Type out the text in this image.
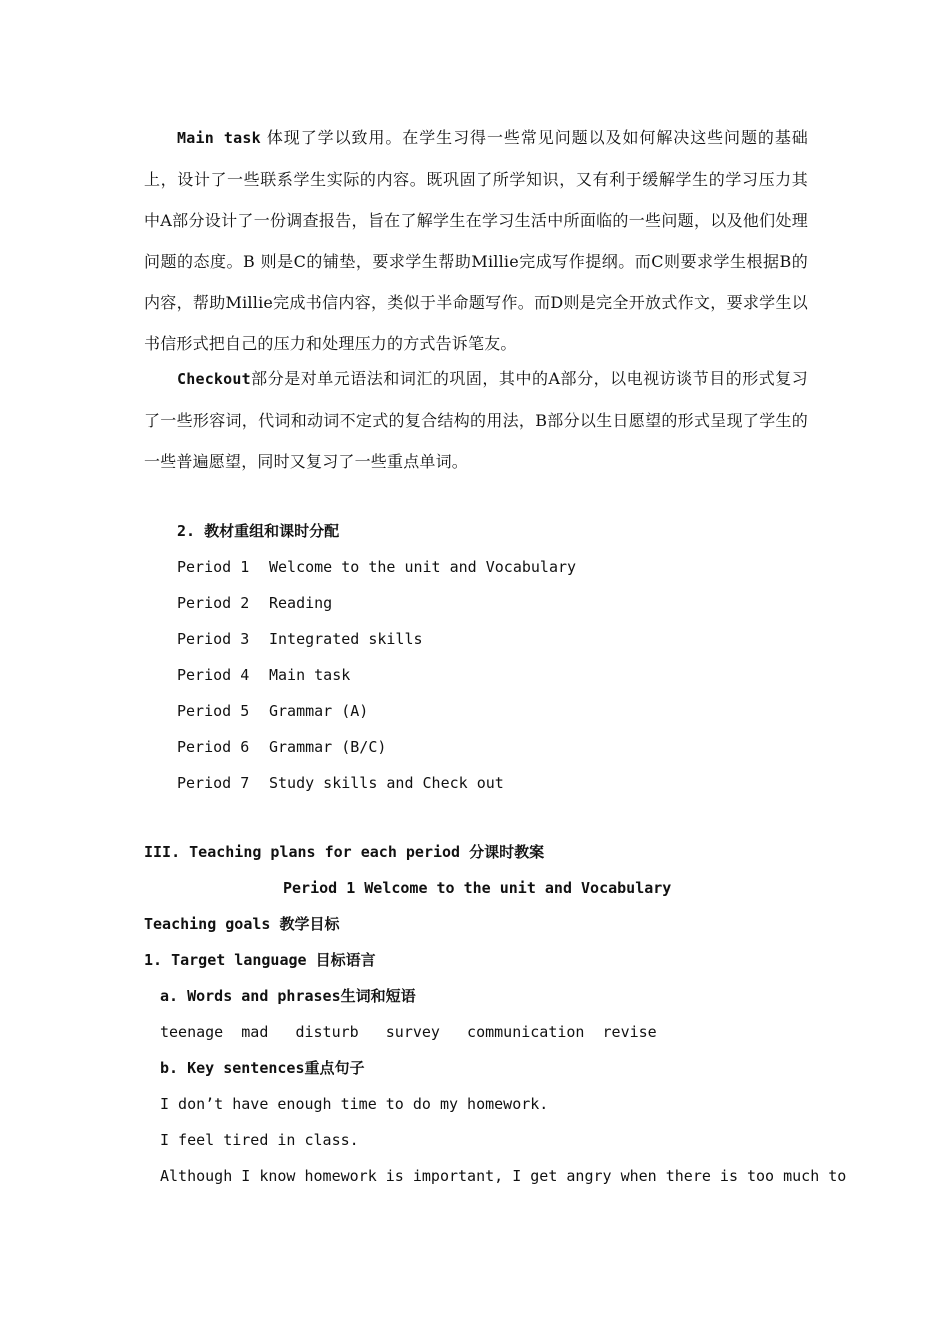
Main task 体现了学以致用。在学生习得一些常见问题以及如何解决这些问题的基础上，设计了一些联系学生实际的内容。既巩固了所学知识，又有利于缓解学生的学习压力其中A部分设计了一份调查报告，旨在了解学生在学习生活中所面临的一些问题，以及他们处理问题的态度。B 则是C的铺垫，要求学生帮助Millie完成写作提纲。而C则要求学生根据B的内容，帮助Millie完成书信内容，类似于半命题写作。而D则是完全开放式作文，要求学生以书信形式把自己的压力和处理压力的方式告诉笔友。

Checkout部分是对单元语法和词汇的巩固，其中的A部分，以电视访谈节目的形式复习了一些形容词，代词和动词不定式的复合结构的用法，B部分以生日愿望的形式呈现了学生的一些普遍愿望，同时又复习了一些重点单词。

2. 教材重组和课时分配
Period 1 Welcome to the unit and Vocabulary
Period 2 Reading
Period 3 Integrated skills
Period 4 Main task
Period 5 Grammar (A)
Period 6 Grammar (B/C)
Period 7 Study skills and Check out
III. Teaching plans for each period 分课时教案
Period 1 Welcome to the unit and Vocabulary
Teaching goals 教学目标
1. Target language 目标语言
a. Words and phrases生词和短语
teenage  mad   disturb   survey   communication  revise
b. Key sentences重点句子
I don’t have enough time to do my homework.
I feel tired in class.
Although I know homework is important, I get angry when there is too much to
